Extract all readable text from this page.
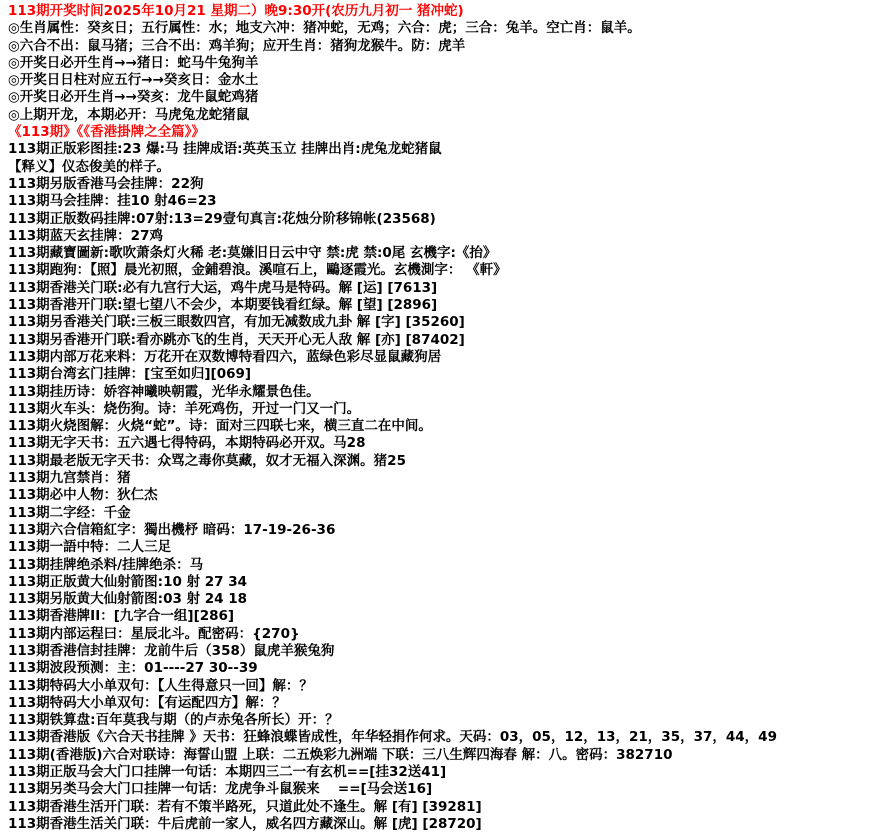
113期开奖时间2025年10月21 星期二）晚9:30开(农历九月初一 猪冲蛇)
◎生肖属性：癸亥日；五行属性：水；地支六冲：猪冲蛇，无鸡；六合：虎；三合：兔羊。空亡肖：鼠羊。
◎六合不出：鼠马猪；三合不出：鸡羊狗；应开生肖：猪狗龙猴牛。防：虎羊
◎开奖日必开生肖→→猪日：蛇马牛兔狗羊
◎开奖日日柱对应五行→→癸亥日：金水土
◎开奖日必开生肖→→癸亥：龙牛鼠蛇鸡猪
◎上期开龙，本期必开：马虎兔龙蛇猪鼠
《113期》《《香港掛牌之全篇》》
113期正版彩图挂:23 爆:马 挂牌成语:英英玉立 挂牌出肖:虎兔龙蛇猪鼠
【释义】仪态俊美的样子。
113期另版香港马会挂牌：22狗
113期马会挂牌：挂10 射46=23
113期正版数码挂牌:07射:13=29壹句真言:花烛分阶移锦帐(23568)
113期蓝天玄挂牌：27鸡
113期藏寶圖新:歌吹萧条灯火稀 老:莫嫌旧日云中守 禁:虎 禁:0尾 玄機字:《抬》
113期跑狗：【照】晨光初照，金鋪碧浪。溪喧石上，鷗逐霞光。玄機測字： 《軒》
113期香港关门联:必有九宫行大运，鸡牛虎马是特码。解 [运] [7613]
113期香港开门联:望七望八不会少，本期要钱看红绿。解 [望] [2896]
113期另香港关门联:三板三眼数四宫，有加无减数成九卦 解 [字] [35260]
113期另香港开门联:看亦跳亦飞的生肖，天天开心无人敌 解 [亦] [87402]
113期内部万花来料：万花开在双数博特看四六，蓝绿色彩尽显鼠藏狗居
113期台湾玄门挂牌：[宝至如归][069]
113期挂历诗：娇容神曦映朝霞，光华永耀景色佳。
113期火车头：烧伤狗。诗：羊死鸡伤，开过一门又一门。
113期火烧图解：火烧“蛇”。诗：面对三四联七来，横三直二在中间。
113期无字天书：五六遇七得特码，本期特码必开双。马28
113期最老版无字天书：众骂之毒你莫藏，奴才无福入深渊。猪25
113期九宫禁肖：猪
113期必中人物：狄仁杰
113期二字经：千金
113期六合信箱紅字：獨出機杼 暗码：17-19-26-36
113期一語中特：二人三足
113期挂牌绝杀料/挂牌绝杀：马
113期正版黄大仙射箭图:10 射 27 34
113期另版黄大仙射箭图:03 射 24 18
113期香港牌II：[九字合一组][286]
113期内部运程曰：星辰北斗。配密码：{270}
113期香港信封挂牌：龙前牛后（358）鼠虎羊猴兔狗
113期波段预测：主：01----27 30--39
113期特码大小单双句：【人生得意只一回】解：？
113期特码大小单双句：【有运配四方】解：？
113期铁算盘:百年莫我与期（的卢赤兔各所长）开：？
113期香港版《六合天书挂牌 》天书：狂蜂浪蝶皆成性，年华轻捐作何求。天码：03，05，12，13，21，35，37，44，49
113期(香港版)六合对联诗：海誓山盟 上联：二五焕彩九洲端 下联：三八生辉四海春 解：八。密码：382710
113期正版马会大门口挂牌一句话：本期四三二一有玄机==[挂32送41]
113期另类马会大门口挂牌一句话：龙虎争斗鼠猴来　 ==[马会送16]
113期香港生活开门联：若有不策半路死，只道此处不逢生。解 [有] [39281]
113期香港生活关门联：牛后虎前一家人，威名四方藏深山。解 [虎] [28720]
